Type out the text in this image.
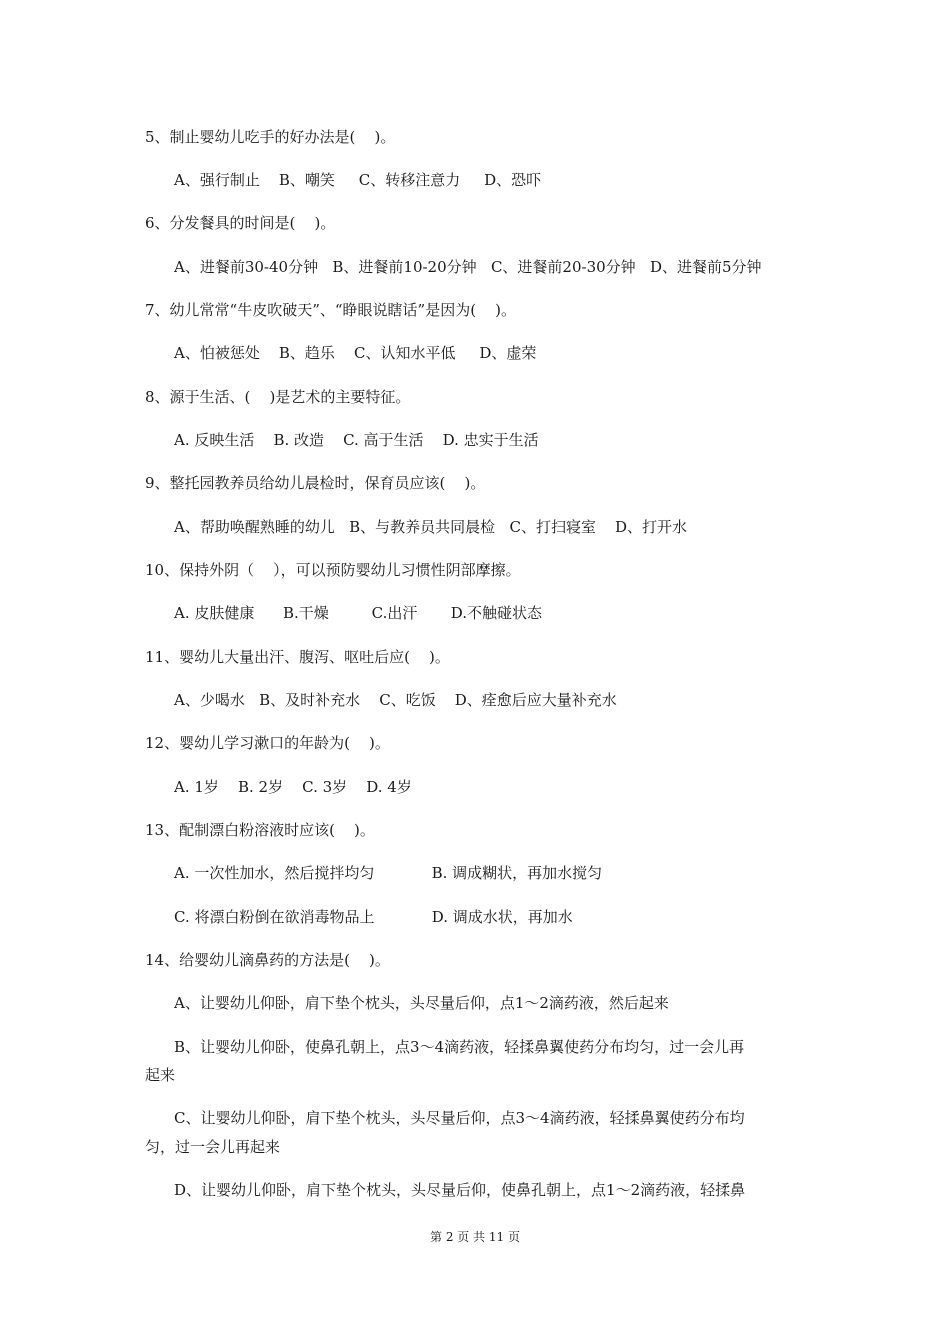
5、制止婴幼儿吃手的好办法是(    )。
A、强行制止    B、嘲笑     C、转移注意力     D、恐吓
6、分发餐具的时间是(    )。
A、进餐前30-40分钟   B、进餐前10-20分钟   C、进餐前20-30分钟   D、进餐前5分钟
7、幼儿常常“牛皮吹破天”、“睁眼说瞎话”是因为(    )。
A、怕被惩处    B、趋乐    C、认知水平低     D、虚荣
8、源于生活、(    )是艺术的主要特征。
A. 反映生活    B. 改造    C. 高于生活    D. 忠实于生活
9、整托园教养员给幼儿晨检时，保育员应该(    )。
A、帮助唤醒熟睡的幼儿   B、与教养员共同晨检   C、打扫寝室    D、打开水
10、保持外阴（    ），可以预防婴幼儿习惯性阴部摩擦。
A. 皮肤健康      B.干燥         C.出汗       D.不触碰状态
11、婴幼儿大量出汗、腹泻、呕吐后应(    )。
A、少喝水   B、及时补充水    C、吃饭    D、痊愈后应大量补充水
12、婴幼儿学习漱口的年龄为(    )。
A. 1岁    B. 2岁    C. 3岁    D. 4岁
13、配制漂白粉溶液时应该(    )。
A. 一次性加水，然后搅拌均匀            B. 调成糊状，再加水搅匀
C. 将漂白粉倒在欲消毒物品上            D. 调成水状，再加水
14、给婴幼儿滴鼻药的方法是(    )。
A、让婴幼儿仰卧，肩下垫个枕头，头尽量后仰，点1～2滴药液，然后起来
B、让婴幼儿仰卧，使鼻孔朝上，点3～4滴药液，轻揉鼻翼使药分布均匀，过一会儿再
起来
C、让婴幼儿仰卧，肩下垫个枕头，头尽量后仰，点3～4滴药液，轻揉鼻翼使药分布均
匀，过一会儿再起来
D、让婴幼儿仰卧，肩下垫个枕头，头尽量后仰，使鼻孔朝上，点1～2滴药液，轻揉鼻
第 2 页 共 11 页
